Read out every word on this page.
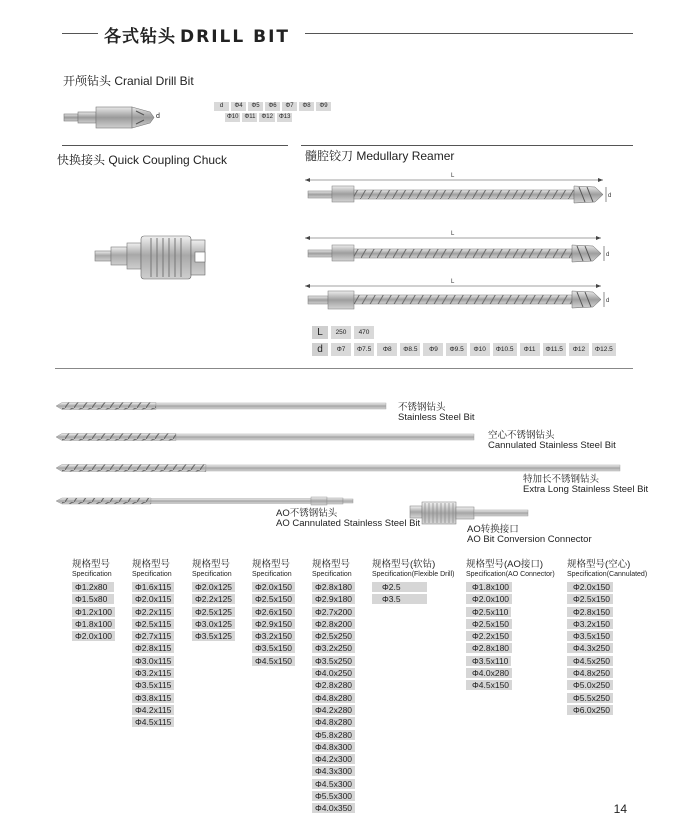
各式钻头 DRILL BIT
开颅钻头 Cranial Drill Bit
d
d	Φ4	Φ5	Φ6	Φ7	Φ8	Φ9
Φ10	Φ11	Φ12	Φ13
快换接头 Quick Coupling Chuck	髓腔铰刀 Medullary Reamer
L
d
L
d
L
d
L	250	470
d	Φ7	Φ7.5	Φ8	Φ8.5	Φ9	Φ9.5	Φ10	Φ10.5	Φ11	Φ11.5	Φ12	Φ12.5
不锈钢钻头
Stainless Steel Bit
空心不锈钢钻头
Cannulated Stainless Steel Bit
特加长不锈钢钻头
Extra Long Stainless Steel Bit
AO不锈钢钻头
AO Cannulated Stainless Steel Bit
AO转换接口
AO Bit Conversion Connector
规格型号
Specification
Φ1.2x80
Φ1.5x80
Φ1.2x100
Φ1.8x100
Φ2.0x100
规格型号
Specification
Φ1.6x115
Φ2.0x115
Φ2.2x115
Φ2.5x115
Φ2.7x115
Φ2.8x115
Φ3.0x115
Φ3.2x115
Φ3.5x115
Φ3.8x115
Φ4.2x115
Φ4.5x115
规格型号
Specification
Φ2.0x125
Φ2.2x125
Φ2.5x125
Φ3.0x125
Φ3.5x125
规格型号
Specification
Φ2.0x150
Φ2.5x150
Φ2.6x150
Φ2.9x150
Φ3.2x150
Φ3.5x150
Φ4.5x150
规格型号
Specification
Φ2.8x180
Φ2.9x180
Φ2.7x200
Φ2.8x200
Φ2.5x250
Φ3.2x250
Φ3.5x250
Φ4.0x250
Φ2.8x280
Φ4.8x280
Φ4.2x280
Φ4.8x280
Φ5.8x280
Φ4.8x300
Φ4.2x300
Φ4.3x300
Φ4.5x300
Φ5.5x300
Φ4.0x350
规格型号(软钻)
Specification(Flexible Drill)
Φ2.5
Φ3.5
规格型号(AO接口)
Specification(AO Connector)
Φ1.8x100
Φ2.0x100
Φ2.5x110
Φ2.5x150
Φ2.2x150
Φ2.8x180
Φ3.5x110
Φ4.0x280
Φ4.5x150
规格型号(空心)
Specification(Cannulated)
Φ2.0x150
Φ2.5x150
Φ2.8x150
Φ3.2x150
Φ3.5x150
Φ4.3x250
Φ4.5x250
Φ4.8x250
Φ5.0x250
Φ5.5x250
Φ6.0x250
14
